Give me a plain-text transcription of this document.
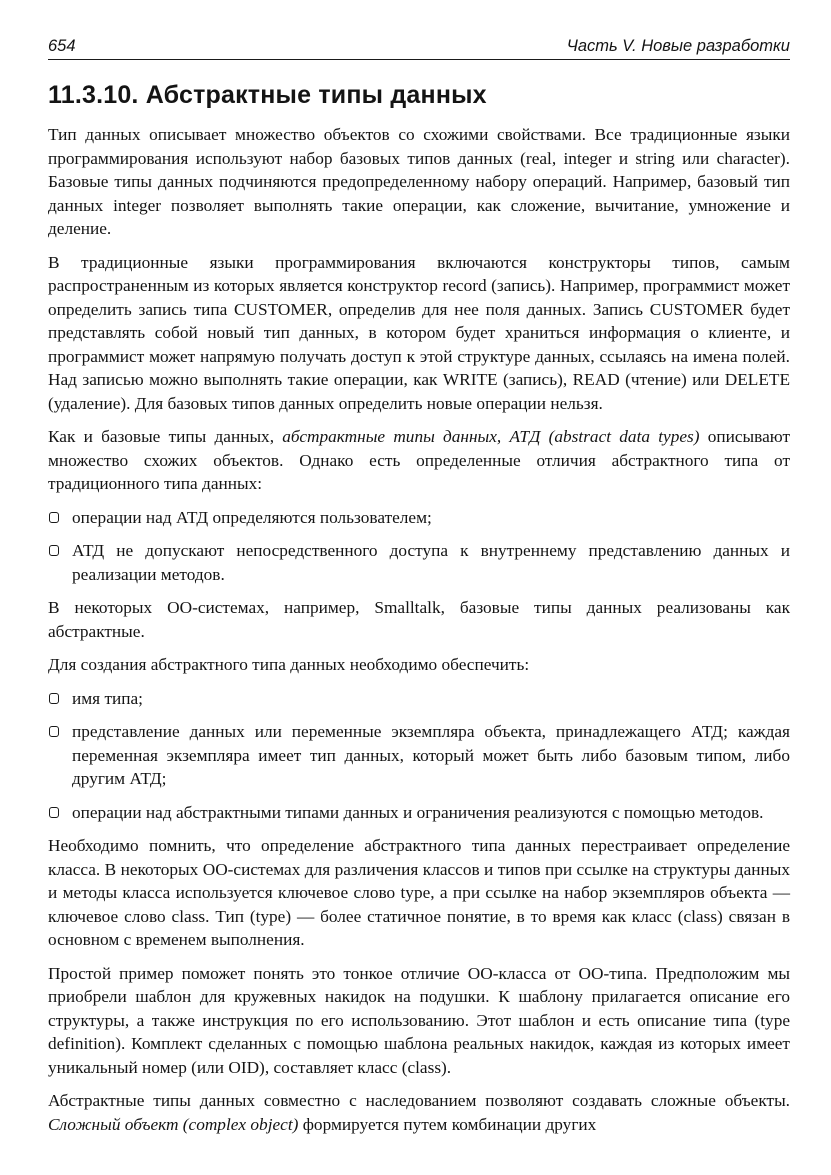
654	Часть V. Новые разработки
11.3.10. Абстрактные типы данных

Тип данных описывает множество объектов со схожими свойствами. Все традиционные языки программирования используют набор базовых типов данных (real, integer и string или character). Базовые типы данных подчиняются предопределенному набору операций. Например, базовый тип данных integer позволяет выполнять такие операции, как сложение, вычитание, умножение и деление.

В традиционные языки программирования включаются конструкторы типов, самым распространенным из которых является конструктор record (запись). Например, программист может определить запись типа CUSTOMER, определив для нее поля данных. Запись CUSTOMER будет представлять собой новый тип данных, в котором будет храниться информация о клиенте, и программист может напрямую получать доступ к этой структуре данных, ссылаясь на имена полей. Над записью можно выполнять такие операции, как WRITE (запись), READ (чтение) или DELETE (удаление). Для базовых типов данных определить новые операции нельзя.

Как и базовые типы данных, абстрактные типы данных, АТД (abstract data types) описывают множество схожих объектов. Однако есть определенные отличия абстрактного типа от традиционного типа данных:

операции над АТД определяются пользователем;
АТД не допускают непосредственного доступа к внутреннему представлению данных и реализации методов.

В некоторых ОО-системах, например, Smalltalk, базовые типы данных реализованы как абстрактные.

Для создания абстрактного типа данных необходимо обеспечить:

имя типа;
представление данных или переменные экземпляра объекта, принадлежащего АТД; каждая переменная экземпляра имеет тип данных, который может быть либо базовым типом, либо другим АТД;
операции над абстрактными типами данных и ограничения реализуются с помощью методов.

Необходимо помнить, что определение абстрактного типа данных перестраивает определение класса. В некоторых ОО-системах для различения классов и типов при ссылке на структуры данных и методы класса используется ключевое слово type, а при ссылке на набор экземпляров объекта — ключевое слово class. Тип (type) — более статичное понятие, в то время как класс (class) связан в основном с временем выполнения.

Простой пример поможет понять это тонкое отличие ОО-класса от ОО-типа. Предположим мы приобрели шаблон для кружевных накидок на подушки. К шаблону прилагается описание его структуры, а также инструкция по его использованию. Этот шаблон и есть описание типа (type definition). Комплект сделанных с помощью шаблона реальных накидок, каждая из которых имеет уникальный номер (или OID), составляет класс (class).

Абстрактные типы данных совместно с наследованием позволяют создавать сложные объекты. Сложный объект (complex object) формируется путем комбинации других
